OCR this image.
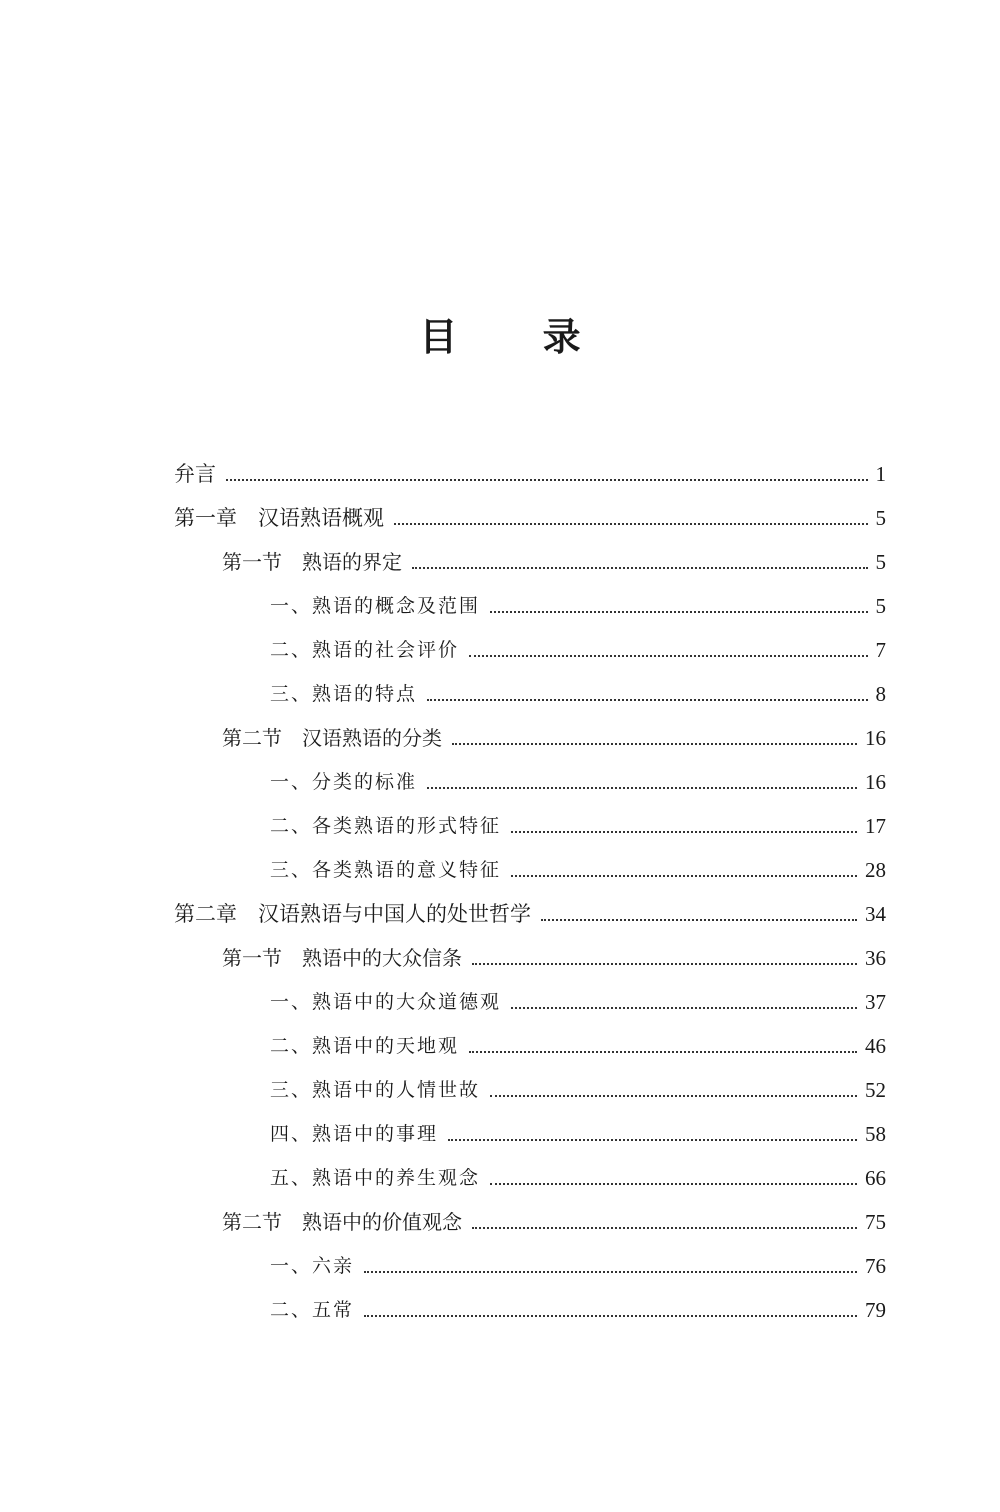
目 录
弁言	1
第一章　汉语熟语概观	5
第一节　熟语的界定	5
一、熟语的概念及范围	5
二、熟语的社会评价	7
三、熟语的特点	8
第二节　汉语熟语的分类	16
一、分类的标准	16
二、各类熟语的形式特征	17
三、各类熟语的意义特征	28
第二章　汉语熟语与中国人的处世哲学	34
第一节　熟语中的大众信条	36
一、熟语中的大众道德观	37
二、熟语中的天地观	46
三、熟语中的人情世故	52
四、熟语中的事理	58
五、熟语中的养生观念	66
第二节　熟语中的价值观念	75
一、六亲	76
二、五常	79
